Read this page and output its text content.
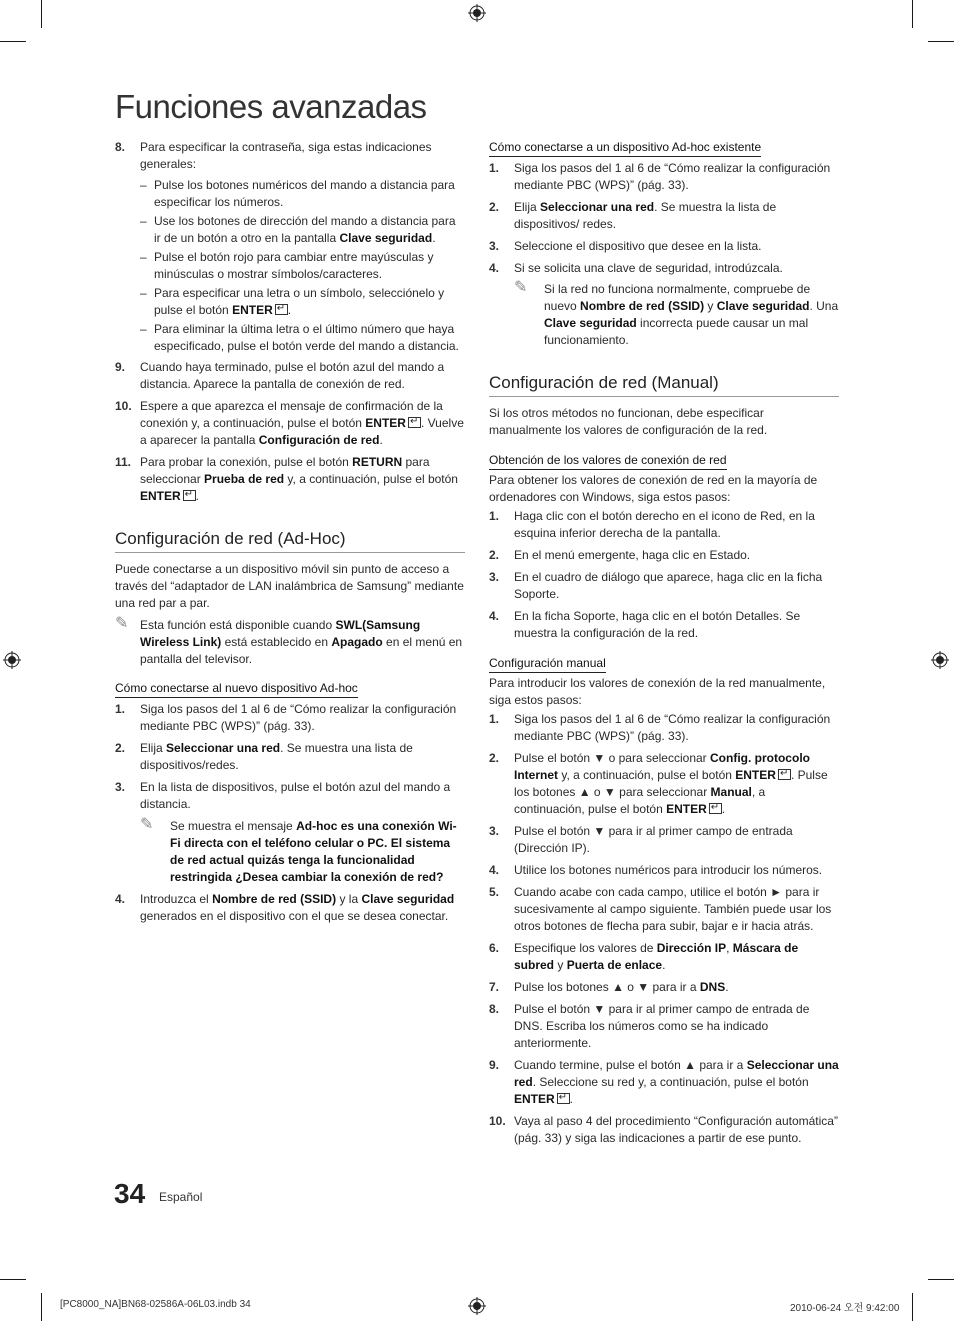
Funciones avanzadas
8. Para especificar la contraseña, siga estas indicaciones generales:

– Pulse los botones numéricos del mando a distancia para especificar los números.

– Use los botones de dirección del mando a distancia para ir de un botón a otro en la pantalla Clave seguridad.

– Pulse el botón rojo para cambiar entre mayúsculas y minúsculas o mostrar símbolos/caracteres.

– Para especificar una letra o un símbolo, selecciónelo y pulse el botón ENTER ↵ .

– Para eliminar la última letra o el último número que haya especificado, pulse el botón verde del mando a distancia.

9. Cuando haya terminado, pulse el botón azul del mando a distancia. Aparece la pantalla de conexión de red.

10. Espere a que aparezca el mensaje de confirmación de la conexión y, a continuación, pulse el botón ENTER ↵ . Vuelve a aparecer la pantalla Configuración de red.

11. Para probar la conexión, pulse el botón RETURN para seleccionar Prueba de red y, a continuación, pulse el botón ENTER ↵ .

Configuración de red (Ad-Hoc)

Puede conectarse a un dispositivo móvil sin punto de acceso a través del “adaptador de LAN inalámbrica de Samsung” mediante una red par a par.

✎ Esta función está disponible cuando SWL(Samsung Wireless Link) está establecido en Apagado en el menú en pantalla del televisor.

Cómo conectarse al nuevo dispositivo Ad-hoc
1. Siga los pasos del 1 al 6 de “Cómo realizar la configuración mediante PBC (WPS)” (pág. 33).

2. Elija Seleccionar una red. Se muestra una lista de dispositivos/redes.

3. En la lista de dispositivos, pulse el botón azul del mando a distancia.

✎ Se muestra el mensaje Ad-hoc es una conexión Wi-Fi directa con el teléfono celular o PC. El sistema de red actual quizás tenga la funcionalidad restringida ¿Desea cambiar la conexión de red?

4. Introduzca el Nombre de red (SSID) y la Clave seguridad generados en el dispositivo con el que se desea conectar.

Cómo conectarse a un dispositivo Ad-hoc existente
1. Siga los pasos del 1 al 6 de “Cómo realizar la configuración mediante PBC (WPS)” (pág. 33).

2. Elija Seleccionar una red. Se muestra la lista de dispositivos/ redes.

3. Seleccione el dispositivo que desee en la lista.

4. Si se solicita una clave de seguridad, introdúzcala.

✎ Si la red no funciona normalmente, compruebe de nuevo Nombre de red (SSID) y Clave seguridad. Una Clave seguridad incorrecta puede causar un mal funcionamiento.

Configuración de red (Manual)

Si los otros métodos no funcionan, debe especificar manualmente los valores de configuración de la red.

Obtención de los valores de conexión de red

Para obtener los valores de conexión de red en la mayoría de ordenadores con Windows, siga estos pasos:

1. Haga clic con el botón derecho en el icono de Red, en la esquina inferior derecha de la pantalla.

2. En el menú emergente, haga clic en Estado.

3. En el cuadro de diálogo que aparece, haga clic en la ficha Soporte.

4. En la ficha Soporte, haga clic en el botón Detalles. Se muestra la configuración de la red.

Configuración manual

Para introducir los valores de conexión de la red manualmente, siga estos pasos:

1. Siga los pasos del 1 al 6 de “Cómo realizar la configuración mediante PBC (WPS)” (pág. 33).

2. Pulse el botón ▼ o para seleccionar Config. protocolo Internet y, a continuación, pulse el botón ENTER ↵ . Pulse los botones ▲ o ▼ para seleccionar Manual, a continuación, pulse el botón ENTER ↵ .

3. Pulse el botón ▼ para ir al primer campo de entrada (Dirección IP).

4. Utilice los botones numéricos para introducir los números.

5. Cuando acabe con cada campo, utilice el botón ► para ir sucesivamente al campo siguiente. También puede usar los otros botones de flecha para subir, bajar e ir hacia atrás.

6. Especifique los valores de Dirección IP, Máscara de subred y Puerta de enlace.

7. Pulse los botones ▲ o ▼ para ir a DNS.

8. Pulse el botón ▼ para ir al primer campo de entrada de DNS. Escriba los números como se ha indicado anteriormente.

9. Cuando termine, pulse el botón ▲ para ir a Seleccionar una red. Seleccione su red y, a continuación, pulse el botón ENTER ↵ .

10. Vaya al paso 4 del procedimiento “Configuración automática” (pág. 33) y siga las indicaciones a partir de ese punto.

34 Español
[PC8000_NA]BN68-02586A-06L03.indb 34	2010-06-24 오전 9:42:00
